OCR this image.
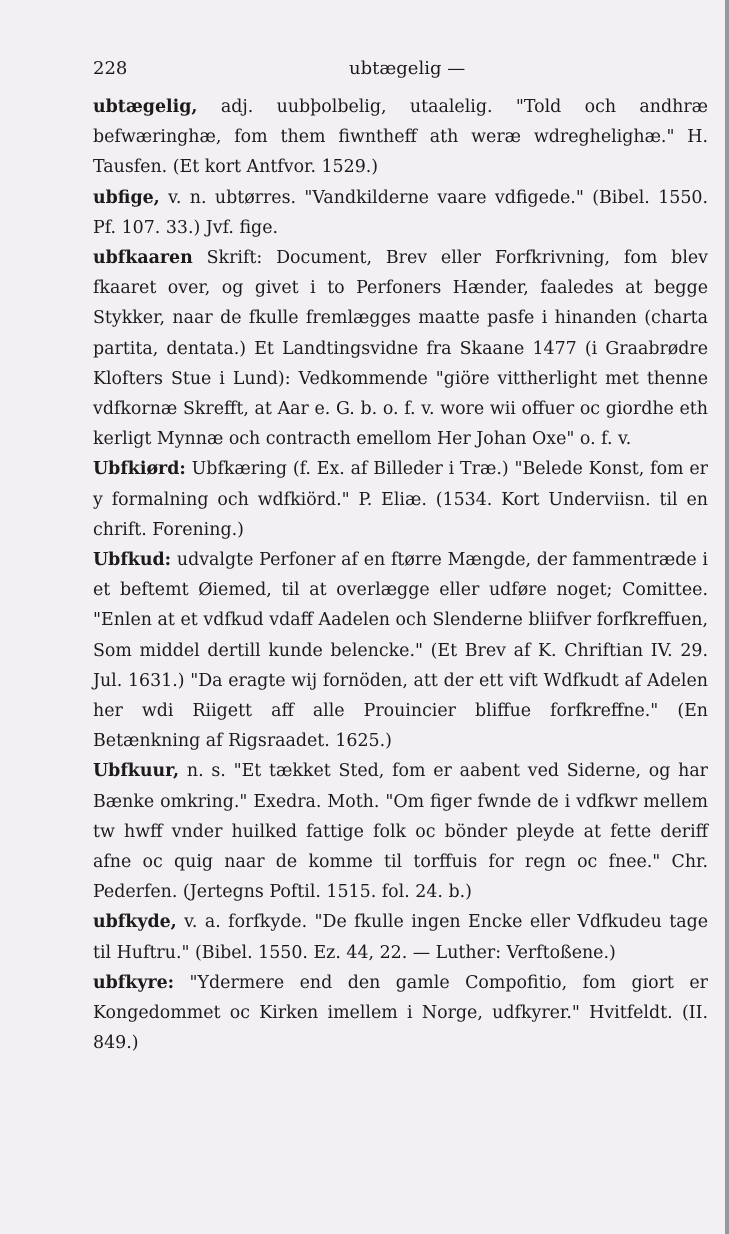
228	ubtægelig —

ubtægelig, adj. uubþolbelig, utaalelig. "Told och andhræ befwæringhæ, fom them fiwntheff ath weræ wdreghelighæ." H. Tausfen. (Et kort Antfvor. 1529.)

ubfige, v. n. ubtørres. "Vandkilderne vaare vdfigede." (Bibel. 1550. Pf. 107. 33.) Jvf. fige.

ubfkaaren Skrift: Document, Brev eller Forfkrivning, fom blev fkaaret over, og givet i to Perfoners Hænder, faaledes at begge Stykker, naar de fkulle fremlægges maatte pasfe i hinanden (charta partita, dentata.) Et Landtingsvidne fra Skaane 1477 (i Graabrødre Klofters Stue i Lund): Vedkommende "giöre vittherlight met thenne vdfkornæ Skrefft, at Aar e. G. b. o. f. v. wore wii offuer oc giordhe eth kerligt Mynnæ och contracth emellom Her Johan Oxe" o. f. v.

Ubfkiørd: Ubfkæring (f. Ex. af Billeder i Træ.) "Belede Konst, fom er y formalning och wdfkiörd." P. Eliæ. (1534. Kort Underviisn. til en chrift. Forening.)

Ubfkud: udvalgte Perfoner af en ftørre Mængde, der fammentræde i et beftemt Øiemed, til at overlægge eller udføre noget; Comittee. "Enlen at et vdfkud vdaff Aadelen och Slenderne bliifver forfkreffuen, Som middel dertill kunde belencke." (Et Brev af K. Chriftian IV. 29. Jul. 1631.) "Da eragte wij fornöden, att der ett vift Wdfkudt af Adelen her wdi Riigett aff alle Prouincier bliffue forfkreffne." (En Betænkning af Rigsraadet. 1625.)

Ubfkuur, n. s. "Et tækket Sted, fom er aabent ved Siderne, og har Bænke omkring." Exedra. Moth. "Om figer fwnde de i vdfkwr mellem tw hwff vnder huilked fattige folk oc bönder pleyde at fette deriff afne oc quig naar de komme til torffuis for regn oc fnee." Chr. Pederfen. (Jertegns Poftil. 1515. fol. 24. b.)

ubfkyde, v. a. forfkyde. "De fkulle ingen Encke eller Vdfkudeu tage til Huftru." (Bibel. 1550. Ez. 44, 22. — Luther: Verftoßene.)

ubfkyre: "Ydermere end den gamle Compofitio, fom giort er Kongedommet oc Kirken imellem i Norge, udfkyrer." Hvitfeldt. (II. 849.)
